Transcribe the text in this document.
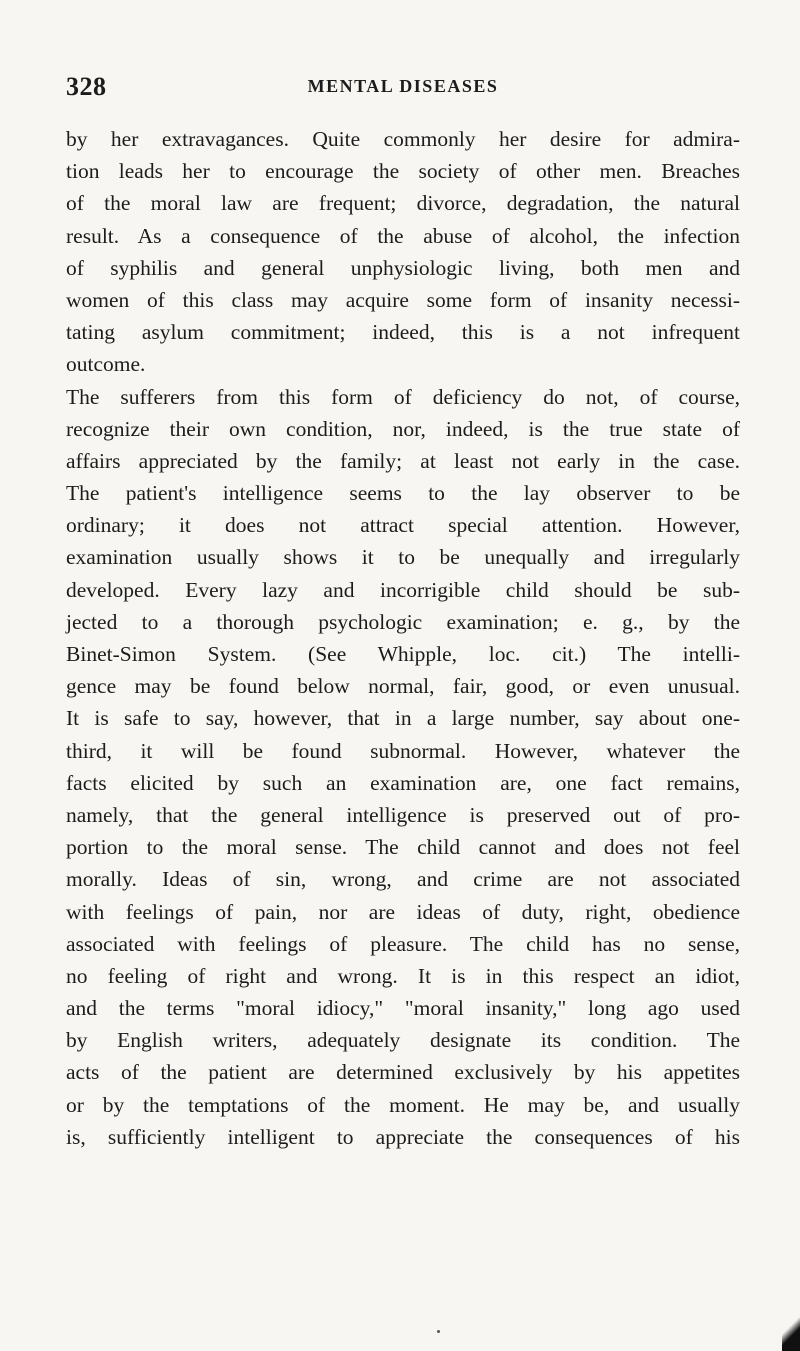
328	MENTAL DISEASES
by her extravagances. Quite commonly her desire for admira-
tion leads her to encourage the society of other men. Breaches
of the moral law are frequent; divorce, degradation, the natural
result. As a consequence of the abuse of alcohol, the infection
of syphilis and general unphysiologic living, both men and
women of this class may acquire some form of insanity necessi-
tating asylum commitment; indeed, this is a not infrequent
outcome.
The sufferers from this form of deficiency do not, of course,
recognize their own condition, nor, indeed, is the true state of
affairs appreciated by the family; at least not early in the case.
The patient's intelligence seems to the lay observer to be
ordinary; it does not attract special attention. However,
examination usually shows it to be unequally and irregularly
developed. Every lazy and incorrigible child should be sub-
jected to a thorough psychologic examination; e. g., by the
Binet-Simon System. (See Whipple, loc. cit.) The intelli-
gence may be found below normal, fair, good, or even unusual.
It is safe to say, however, that in a large number, say about one-
third, it will be found subnormal. However, whatever the
facts elicited by such an examination are, one fact remains,
namely, that the general intelligence is preserved out of pro-
portion to the moral sense. The child cannot and does not feel
morally. Ideas of sin, wrong, and crime are not associated
with feelings of pain, nor are ideas of duty, right, obedience
associated with feelings of pleasure. The child has no sense,
no feeling of right and wrong. It is in this respect an idiot,
and the terms "moral idiocy," "moral insanity," long ago used
by English writers, adequately designate its condition. The
acts of the patient are determined exclusively by his appetites
or by the temptations of the moment. He may be, and usually
is, sufficiently intelligent to appreciate the consequences of his
